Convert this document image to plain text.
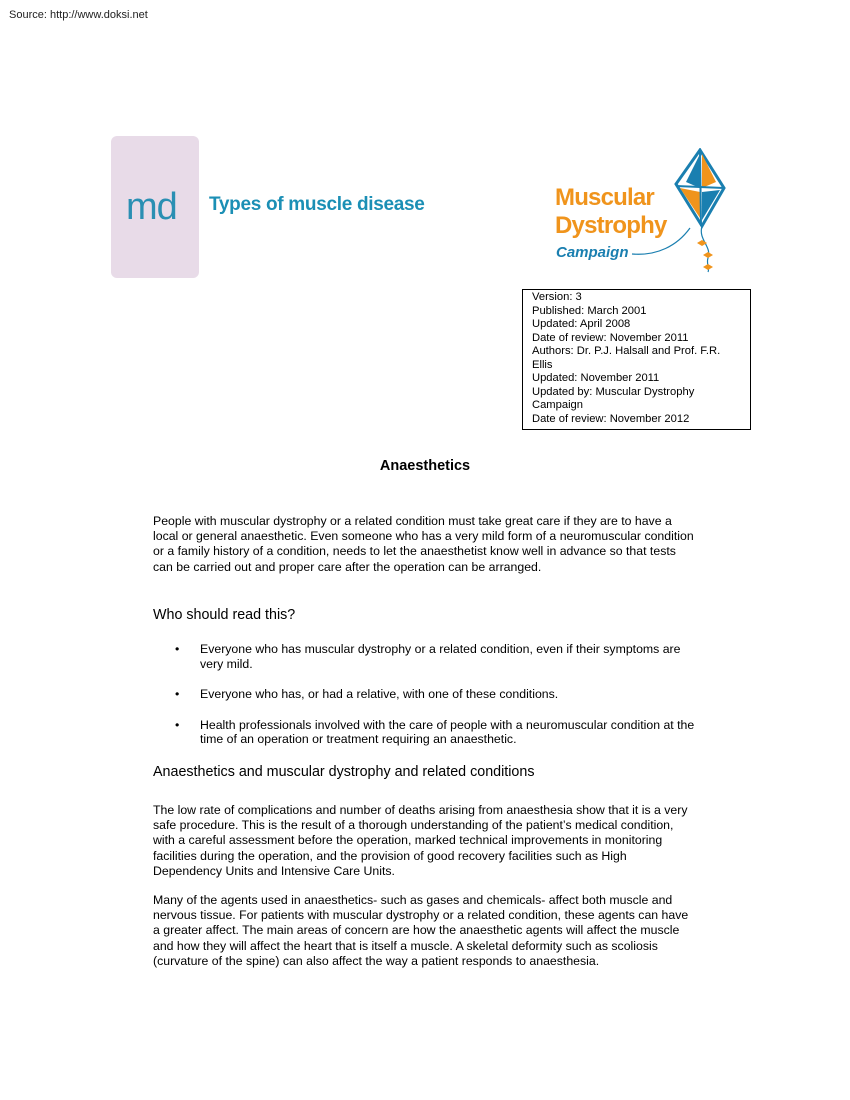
Source: http://www.doksi.net
md Types of muscle disease	Muscular
Dystrophy
Campaign
Version: 3
Published: March 2001
Updated: April 2008
Date of review: November 2011
Authors: Dr. P.J. Halsall and Prof. F.R.
Ellis
Updated: November 2011
Updated by: Muscular Dystrophy
Campaign
Date of review: November 2012
Anaesthetics
People with muscular dystrophy or a related condition must take great care if they are to have a local or general anaesthetic. Even someone who has a very mild form of a neuromuscular condition or a family history of a condition, needs to let the anaesthetist know well in advance so that tests can be carried out and proper care after the operation can be arranged.
Who should read this?
• Everyone who has muscular dystrophy or a related condition, even if their symptoms are very mild.
• Everyone who has, or had a relative, with one of these conditions.
• Health professionals involved with the care of people with a neuromuscular condition at the time of an operation or treatment requiring an anaesthetic.
Anaesthetics and muscular dystrophy and related conditions
The low rate of complications and number of deaths arising from anaesthesia show that it is a very safe procedure. This is the result of a thorough understanding of the patient’s medical condition, with a careful assessment before the operation, marked technical improvements in monitoring facilities during the operation, and the provision of good recovery facilities such as High Dependency Units and Intensive Care Units.
Many of the agents used in anaesthetics- such as gases and chemicals- affect both muscle and nervous tissue. For patients with muscular dystrophy or a related condition, these agents can have a greater affect. The main areas of concern are how the anaesthetic agents will affect the muscle and how they will affect the heart that is itself a muscle. A skeletal deformity such as scoliosis (curvature of the spine) can also affect the way a patient responds to anaesthesia.
